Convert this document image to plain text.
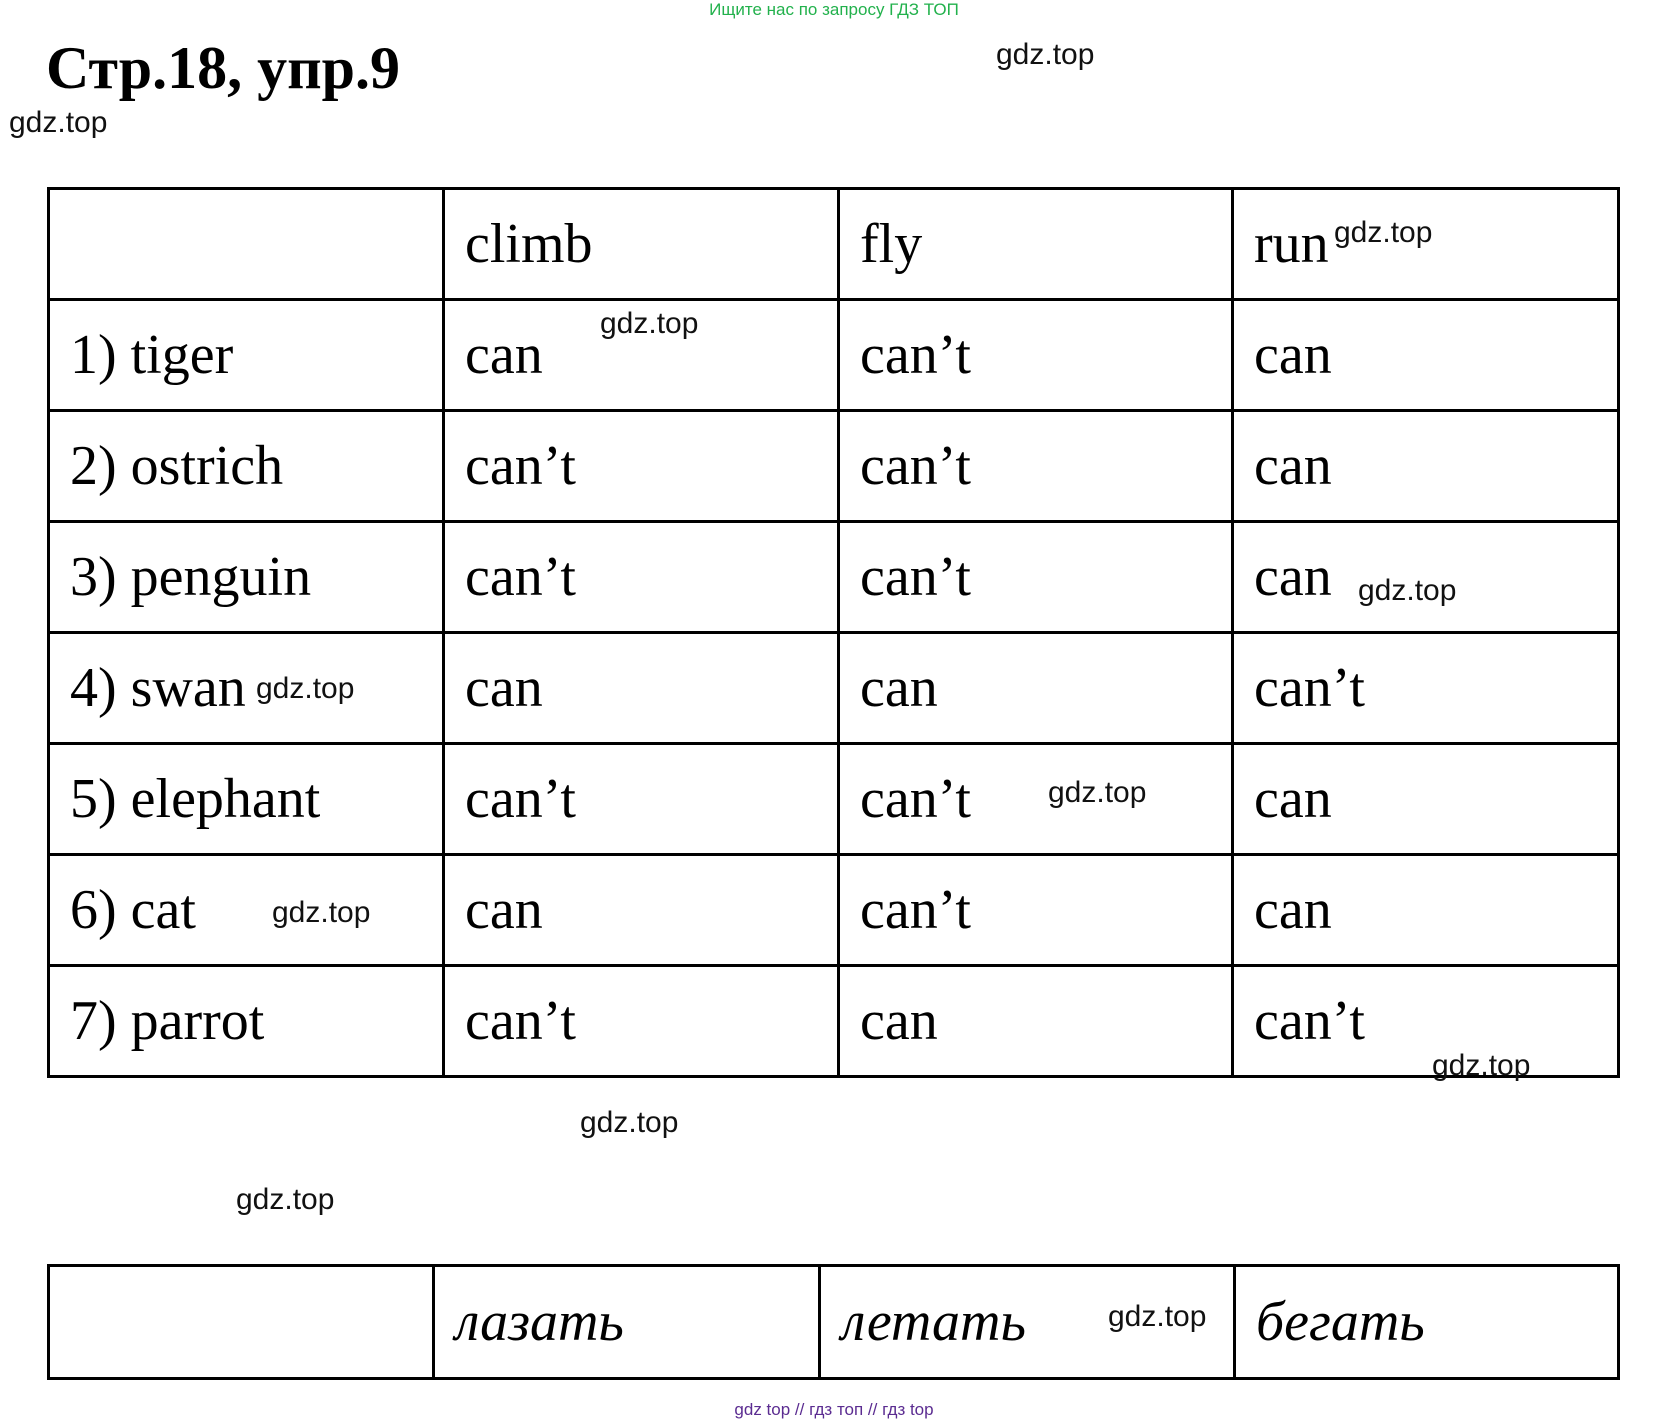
Ищите нас по запросу ГДЗ ТОП
Стр.18, упр.9	gdz.top
gdz.top
	climb	fly	run
1) tiger	can	can’t	can
2) ostrich	can’t	can’t	can
3) penguin	can’t	can’t	can
4) swan	can	can	can’t
5) elephant	can’t	can’t	can
6) cat	can	can’t	can
7) parrot	can’t	can	can’t
gdz.top
gdz.top
gdz.top
gdz.top
gdz.top
gdz.top
gdz.top
gdz.top
gdz.top
	лазать	летать	бегать
gdz.top
gdz top // гдз топ // гдз top
